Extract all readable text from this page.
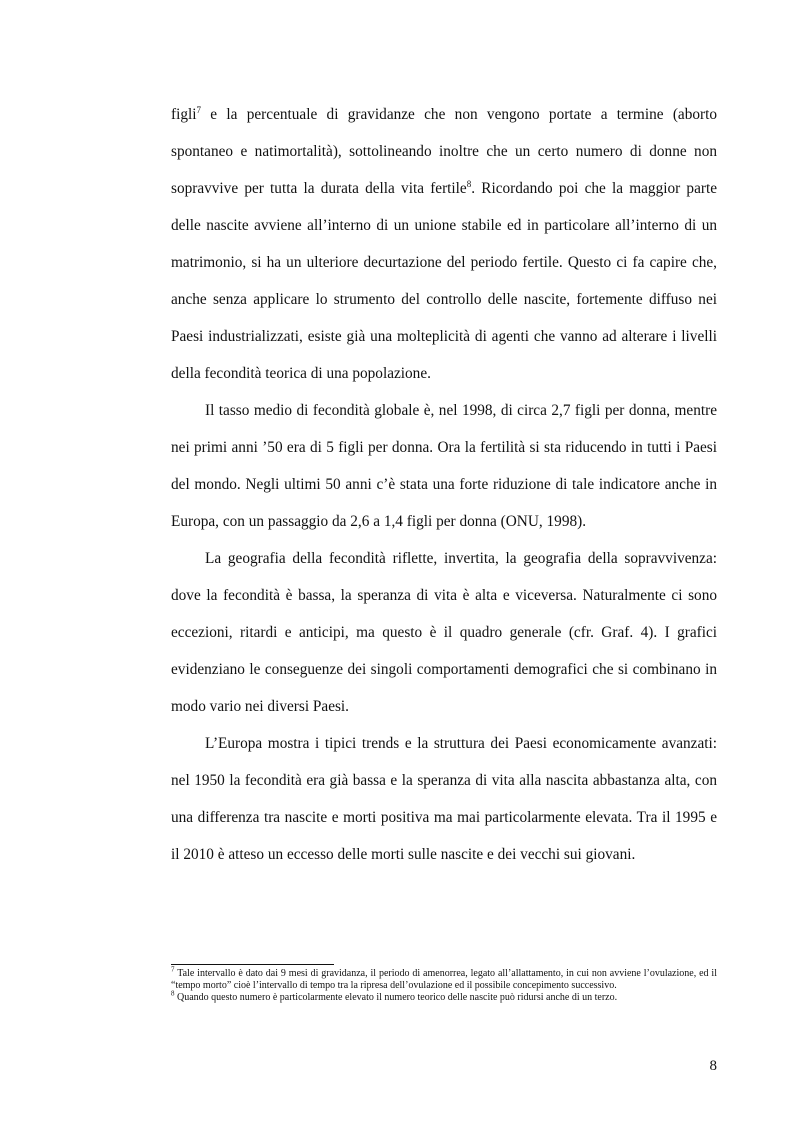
figli$^7$ e la percentuale di gravidanze che non vengono portate a termine (aborto spontaneo e natimortalità), sottolineando inoltre che un certo numero di donne non sopravvive per tutta la durata della vita fertile$^8$. Ricordando poi che la maggior parte delle nascite avviene all’interno di un unione stabile ed in particolare all’interno di un matrimonio, si ha un ulteriore decurtazione del periodo fertile. Questo ci fa capire che, anche senza applicare lo strumento del controllo delle nascite, fortemente diffuso nei Paesi industrializzati, esiste già una molteplicità di agenti che vanno ad alterare i livelli della fecondità teorica di una popolazione.

Il tasso medio di fecondità globale è, nel 1998, di circa 2,7 figli per donna, mentre nei primi anni ’50 era di 5 figli per donna. Ora la fertilità si sta riducendo in tutti i Paesi del mondo. Negli ultimi 50 anni c’è stata una forte riduzione di tale indicatore anche in Europa, con un passaggio da 2,6 a 1,4 figli per donna (ONU, 1998).

La geografia della fecondità riflette, invertita, la geografia della sopravvivenza: dove la fecondità è bassa, la speranza di vita è alta e viceversa. Naturalmente ci sono eccezioni, ritardi e anticipi, ma questo è il quadro generale (cfr. Graf. 4). I grafici evidenziano le conseguenze dei singoli comportamenti demografici che si combinano in modo vario nei diversi Paesi.

L’Europa mostra i tipici trends e la struttura dei Paesi economicamente avanzati: nel 1950 la fecondità era già bassa e la speranza di vita alla nascita abbastanza alta, con una differenza tra nascite e morti positiva ma mai particolarmente elevata. Tra il 1995 e il 2010 è atteso un eccesso delle morti sulle nascite e dei vecchi sui giovani.

$^7$ Tale intervallo è dato dai 9 mesi di gravidanza, il periodo di amenorrea, legato all’allattamento, in cui non avviene l’ovulazione, ed il “tempo morto” cioè l’intervallo di tempo tra la ripresa dell’ovulazione ed il possibile concepimento successivo.

$^8$ Quando questo numero è particolarmente elevato il numero teorico delle nascite può ridursi anche di un terzo.

8
